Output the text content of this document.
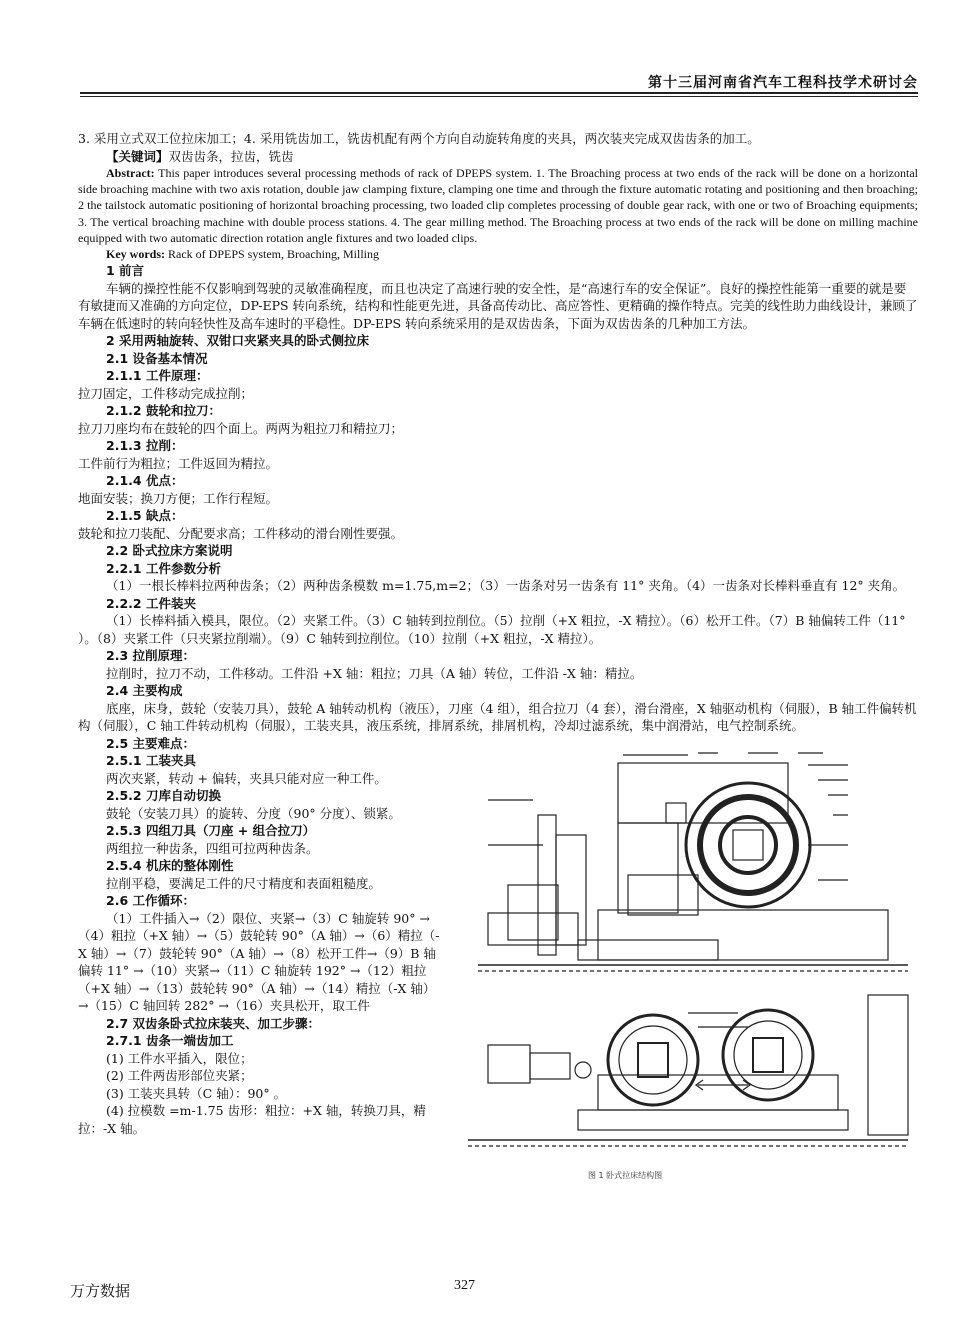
第十三届河南省汽车工程科技学术研讨会

3. 采用立式双工位拉床加工；4. 采用铣齿加工，铣齿机配有两个方向自动旋转角度的夹具，两次装夹完成双齿齿条的加工。

【关键词】双齿齿条，拉齿，铣齿

Abstract: This paper introduces several processing methods of rack of DPEPS system. 1. The Broaching process at two ends of the rack will be done on a horizontal side broaching machine with two axis rotation, double jaw clamping fixture, clamping one time and through the fixture automatic rotating and positioning and then broaching; 2 the tailstock automatic positioning of horizontal broaching processing, two loaded clip completes processing of double gear rack, with one or two of Broaching equipments; 3. The vertical broaching machine with double process stations. 4. The gear milling method. The Broaching process at two ends of the rack will be done on milling machine equipped with two automatic direction rotation angle fixtures and two loaded clips.

Key words: Rack of DPEPS system, Broaching, Milling

1 前言

车辆的操控性能不仅影响到驾驶的灵敏准确程度，而且也决定了高速行驶的安全性，是“高速行车的安全保证”。良好的操控性能第一重要的就是要有敏捷而又准确的方向定位，DP-EPS 转向系统，结构和性能更先进，具备高传动比、高应答性、更精确的操作特点。完美的线性助力曲线设计，兼顾了车辆在低速时的转向轻快性及高车速时的平稳性。DP-EPS 转向系统采用的是双齿齿条，下面为双齿齿条的几种加工方法。

2 采用两轴旋转、双钳口夹紧夹具的卧式侧拉床

2.1 设备基本情况

2.1.1 工件原理：

拉刀固定，工件移动完成拉削；

2.1.2 鼓轮和拉刀：

拉刀刀座均布在鼓轮的四个面上。两两为粗拉刀和精拉刀；

2.1.3 拉削：

工件前行为粗拉；工件返回为精拉。

2.1.4 优点：

地面安装；换刀方便；工作行程短。

2.1.5 缺点：

鼓轮和拉刀装配、分配要求高；工件移动的滑台刚性要强。

2.2 卧式拉床方案说明

2.2.1 工件参数分析

（1）一根长棒料拉两种齿条；（2）两种齿条模数 m=1.75,m=2；（3）一齿条对另一齿条有 11° 夹角。（4）一齿条对长棒料垂直有 12° 夹角。

2.2.2 工件装夹

（1）长棒料插入模具，限位。（2）夹紧工件。（3）C 轴转到拉削位。（5）拉削（+X 粗拉，-X 精拉）。（6）松开工件。（7）B 轴偏转工件（11° ）。（8）夹紧工件（只夹紧拉削端）。（9）C 轴转到拉削位。（10）拉削（+X 粗拉，-X 精拉）。

2.3 拉削原理：

拉削时，拉刀不动，工件移动。工件沿 +X 轴：粗拉；刀具（A 轴）转位，工件沿 -X 轴：精拉。

2.4 主要构成

底座，床身，鼓轮（安装刀具），鼓轮 A 轴转动机构（液压），刀座（4 组），组合拉刀（4 套），滑台滑座，X 轴驱动机构（伺服），B 轴工件偏转机构（伺服），C 轴工件转动机构（伺服），工装夹具，液压系统，排屑系统，排屑机构，冷却过滤系统，集中润滑站，电气控制系统。

2.5 主要难点：

2.5.1 工装夹具

两次夹紧，转动 + 偏转，夹具只能对应一种工件。

2.5.2 刀库自动切换

鼓轮（安装刀具）的旋转、分度（90° 分度）、锁紧。

2.5.3 四组刀具（刀座 + 组合拉刀）

两组拉一种齿条，四组可拉两种齿条。

2.5.4 机床的整体刚性

拉削平稳，要满足工件的尺寸精度和表面粗糙度。

2.6 工作循环：

（1）工件插入→（2）限位、夹紧→（3）C 轴旋转 90° →（4）粗拉（+X 轴）→（5）鼓轮转 90°（A 轴）→（6）精拉（-X 轴）→（7）鼓轮转 90°（A 轴）→（8）松开工件→（9）B 轴偏转 11° →（10）夹紧→（11）C 轴旋转 192° →（12）粗拉（+X 轴）→（13）鼓轮转 90°（A 轴）→（14）精拉（-X 轴）→（15）C 轴回转 282° →（16）夹具松开，取工件

2.7 双齿条卧式拉床装夹、加工步骤：

2.7.1 齿条一端齿加工

(1) 工件水平插入，限位；

(2) 工件两齿形部位夹紧；

(3) 工装夹具转（C 轴）：90° 。

(4) 拉模数 =m-1.75 齿形：粗拉：+X 轴，转换刀具，精拉：-X 轴。

图 1 卧式拉床结构图
万方数据	327
